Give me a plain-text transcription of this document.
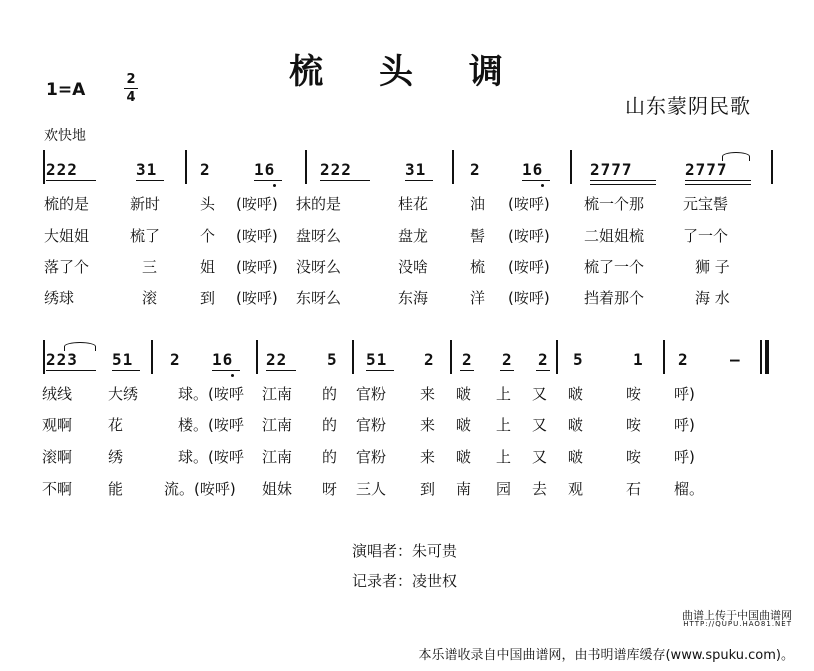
梳 头 调
1=A
2
4	山东蒙阴民歌
欢快地
222	31	2	16	222	31	2	16	2777	2777
梳的是	新时	头 (咹呼) 抹的是	桂花	油 (咹呼) 梳一个那	元宝髻
大姐姐	梳了	个 (咹呼) 盘呀么	盘龙	髻 (咹呼) 二姐姐梳	了一个
落了个	三	姐 (咹呼) 没呀么	没啥	梳 (咹呼) 梳了一个	狮 子
绣球	滚	到 (咹呼) 东呀么	东海	洋 (咹呼) 挡着那个	海 水
223 51 2 16 22 5 51 2 2 2 2 5	1 2	—
绒线 大绣	球。(咹呼 江南 的 官粉 来 啵 上 又 啵	咹 呼)
观啊 花	楼。(咹呼 江南 的 官粉 来 啵 上 又 啵	咹 呼)
滚啊 绣	球。(咹呼 江南 的 官粉 来 啵 上 又 啵	咹 呼)
不啊 能	流。(咹呼) 姐妹 呀 三人 到 南 园 去 观	石 榴。
演唱者：朱可贵
记录者：凌世权
曲谱上传于中国曲谱网
HTTP://QUPU.HAO81.NET
本乐谱收录自中国曲谱网，由书明谱库缓存(www.spuku.com)。
